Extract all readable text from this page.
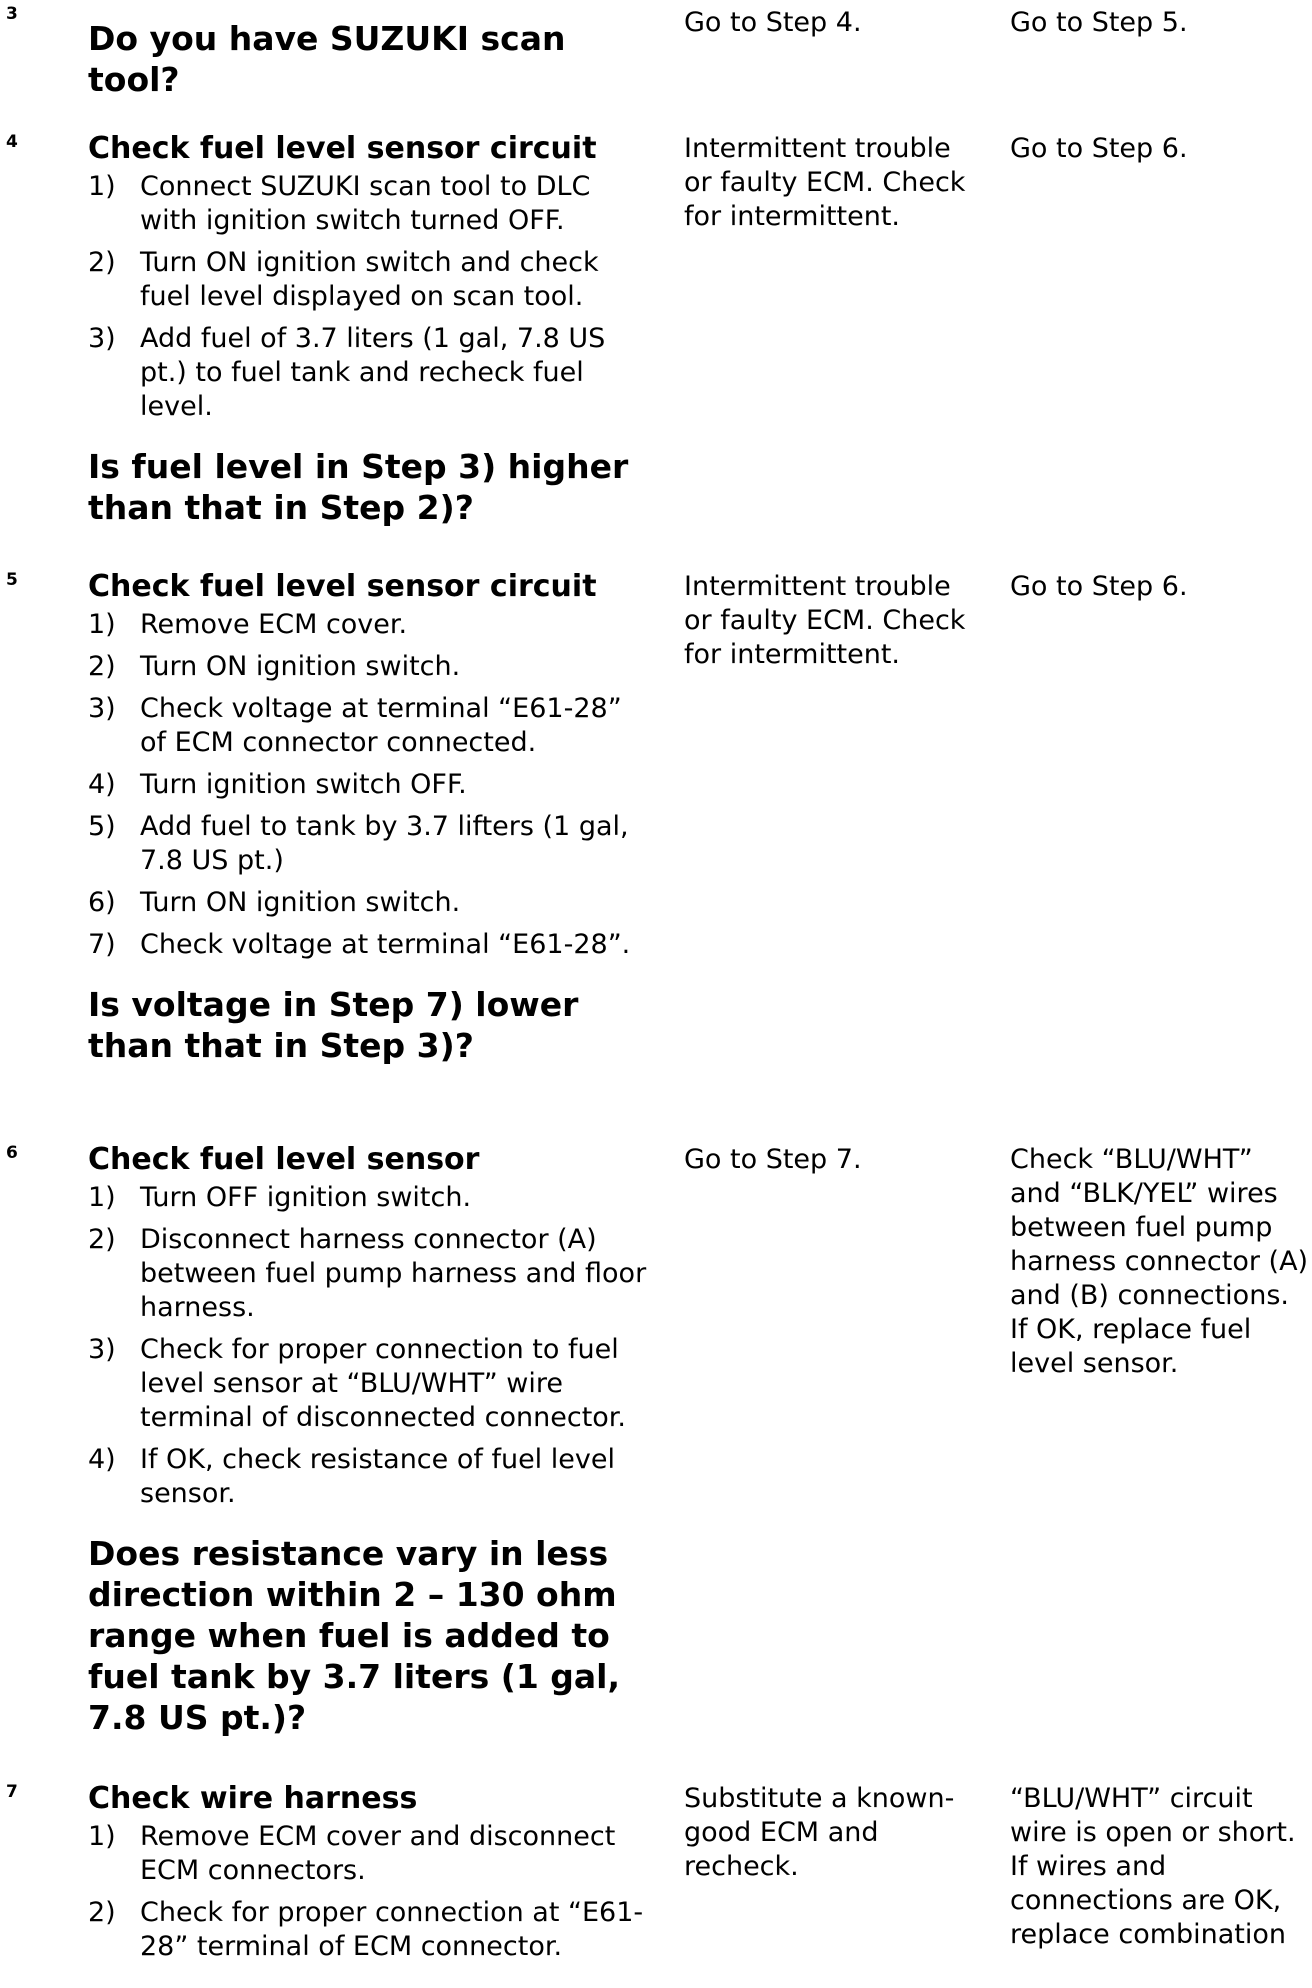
3

Do you have SUZUKI scan tool?

Go to Step 4.	Go to Step 5.
4 Check fuel level sensor circuit

1) Connect SUZUKI scan tool to DLC with ignition switch turned OFF.
2) Turn ON ignition switch and check fuel level displayed on scan tool.
3) Add fuel of 3.7 liters (1 gal, 7.8 US pt.) to fuel tank and recheck fuel level.

Is fuel level in Step 3) higher than that in Step 2)?

Intermittent trouble or faulty ECM. Check for intermittent.
Go to Step 6.
5 Check fuel level sensor circuit

1) Remove ECM cover.
2) Turn ON ignition switch.
3) Check voltage at terminal “E61-28” of ECM connector connected.
4) Turn ignition switch OFF.
5) Add fuel to tank by 3.7 lifters (1 gal, 7.8 US pt.)
6) Turn ON ignition switch.
7) Check voltage at terminal “E61-28”.

Is voltage in Step 7) lower than that in Step 3)?

Intermittent trouble or faulty ECM. Check for intermittent.
Go to Step 6.
6 Check fuel level sensor

1) Turn OFF ignition switch.
2) Disconnect harness connector (A) between fuel pump harness and floor harness.
3) Check for proper connection to fuel level sensor at “BLU/WHT” wire terminal of disconnected connector.
4) If OK, check resistance of fuel level sensor.

Does resistance vary in less direction within 2 – 130 ohm range when fuel is added to fuel tank by 3.7 liters (1 gal, 7.8 US pt.)?

Go to Step 7.	Check “BLU/WHT” and “BLK/YEL” wires between fuel pump harness connector (A) and (B) connections.
If OK, replace fuel level sensor.
7 Check wire harness

1) Remove ECM cover and disconnect ECM connectors.
2) Check for proper connection at “E61-28” terminal of ECM connector.
Substitute a known-good ECM and recheck.
“BLU/WHT” circuit wire is open or short.
If wires and connections are OK, replace combination
